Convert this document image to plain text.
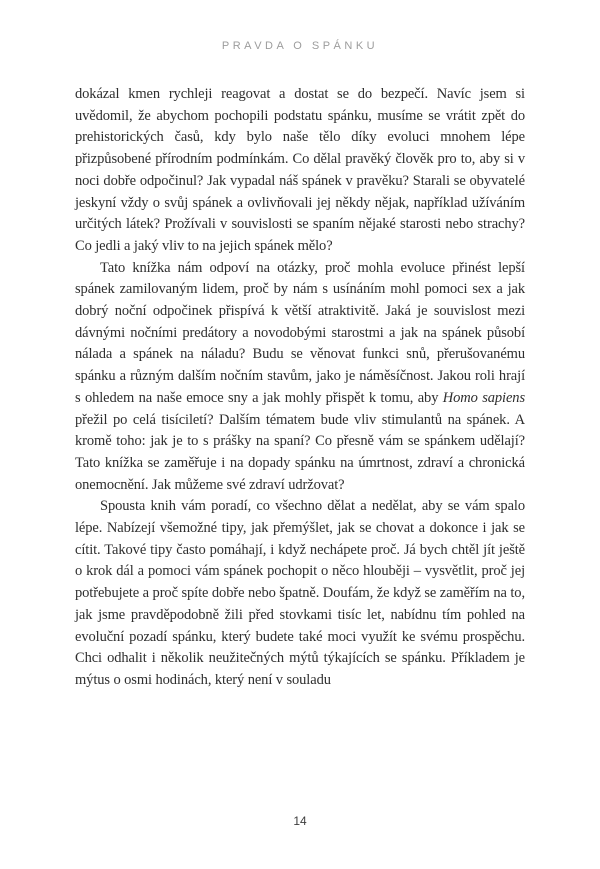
PRAVDA O SPÁNKU

dokázal kmen rychleji reagovat a dostat se do bezpečí. Navíc jsem si uvědomil, že abychom pochopili podstatu spánku, musíme se vrátit zpět do prehistorických časů, kdy bylo naše tělo díky evoluci mnohem lépe přizpůsobené přírodním podmínkám. Co dělal pravěký člověk pro to, aby si v noci dobře odpočinul? Jak vypadal náš spánek v pravěku? Starali se obyvatelé jeskyní vždy o svůj spánek a ovlivňovali jej někdy nějak, například užíváním určitých látek? Prožívali v souvislosti se spaním nějaké starosti nebo strachy? Co jedli a jaký vliv to na jejich spánek mělo?

Tato knížka nám odpoví na otázky, proč mohla evoluce přinést lepší spánek zamilovaným lidem, proč by nám s usínáním mohl pomoci sex a jak dobrý noční odpočinek přispívá k větší atraktivitě. Jaká je souvislost mezi dávnými nočními predátory a novodobými starostmi a jak na spánek působí nálada a spánek na náladu? Budu se věnovat funkci snů, přerušovanému spánku a různým dalším nočním stavům, jako je náměsíčnost. Jakou roli hrají s ohledem na naše emoce sny a jak mohly přispět k tomu, aby Homo sapiens přežil po celá tisíciletí? Dalším tématem bude vliv stimulantů na spánek. A kromě toho: jak je to s prášky na spaní? Co přesně vám se spánkem udělají? Tato knížka se zaměřuje i na dopady spánku na úmrtnost, zdraví a chronická onemocnění. Jak můžeme své zdraví udržovat?

Spousta knih vám poradí, co všechno dělat a nedělat, aby se vám spalo lépe. Nabízejí všemožné tipy, jak přemýšlet, jak se chovat a dokonce i jak se cítit. Takové tipy často pomáhají, i když nechápete proč. Já bych chtěl jít ještě o krok dál a pomoci vám spánek pochopit o něco hlouběji – vysvětlit, proč jej potřebujete a proč spíte dobře nebo špatně. Doufám, že když se zaměřím na to, jak jsme pravděpodobně žili před stovkami tisíc let, nabídnu tím pohled na evoluční pozadí spánku, který budete také moci využít ke svému prospěchu. Chci odhalit i několik neužitečných mýtů týkajících se spánku. Příkladem je mýtus o osmi hodinách, který není v souladu

14
